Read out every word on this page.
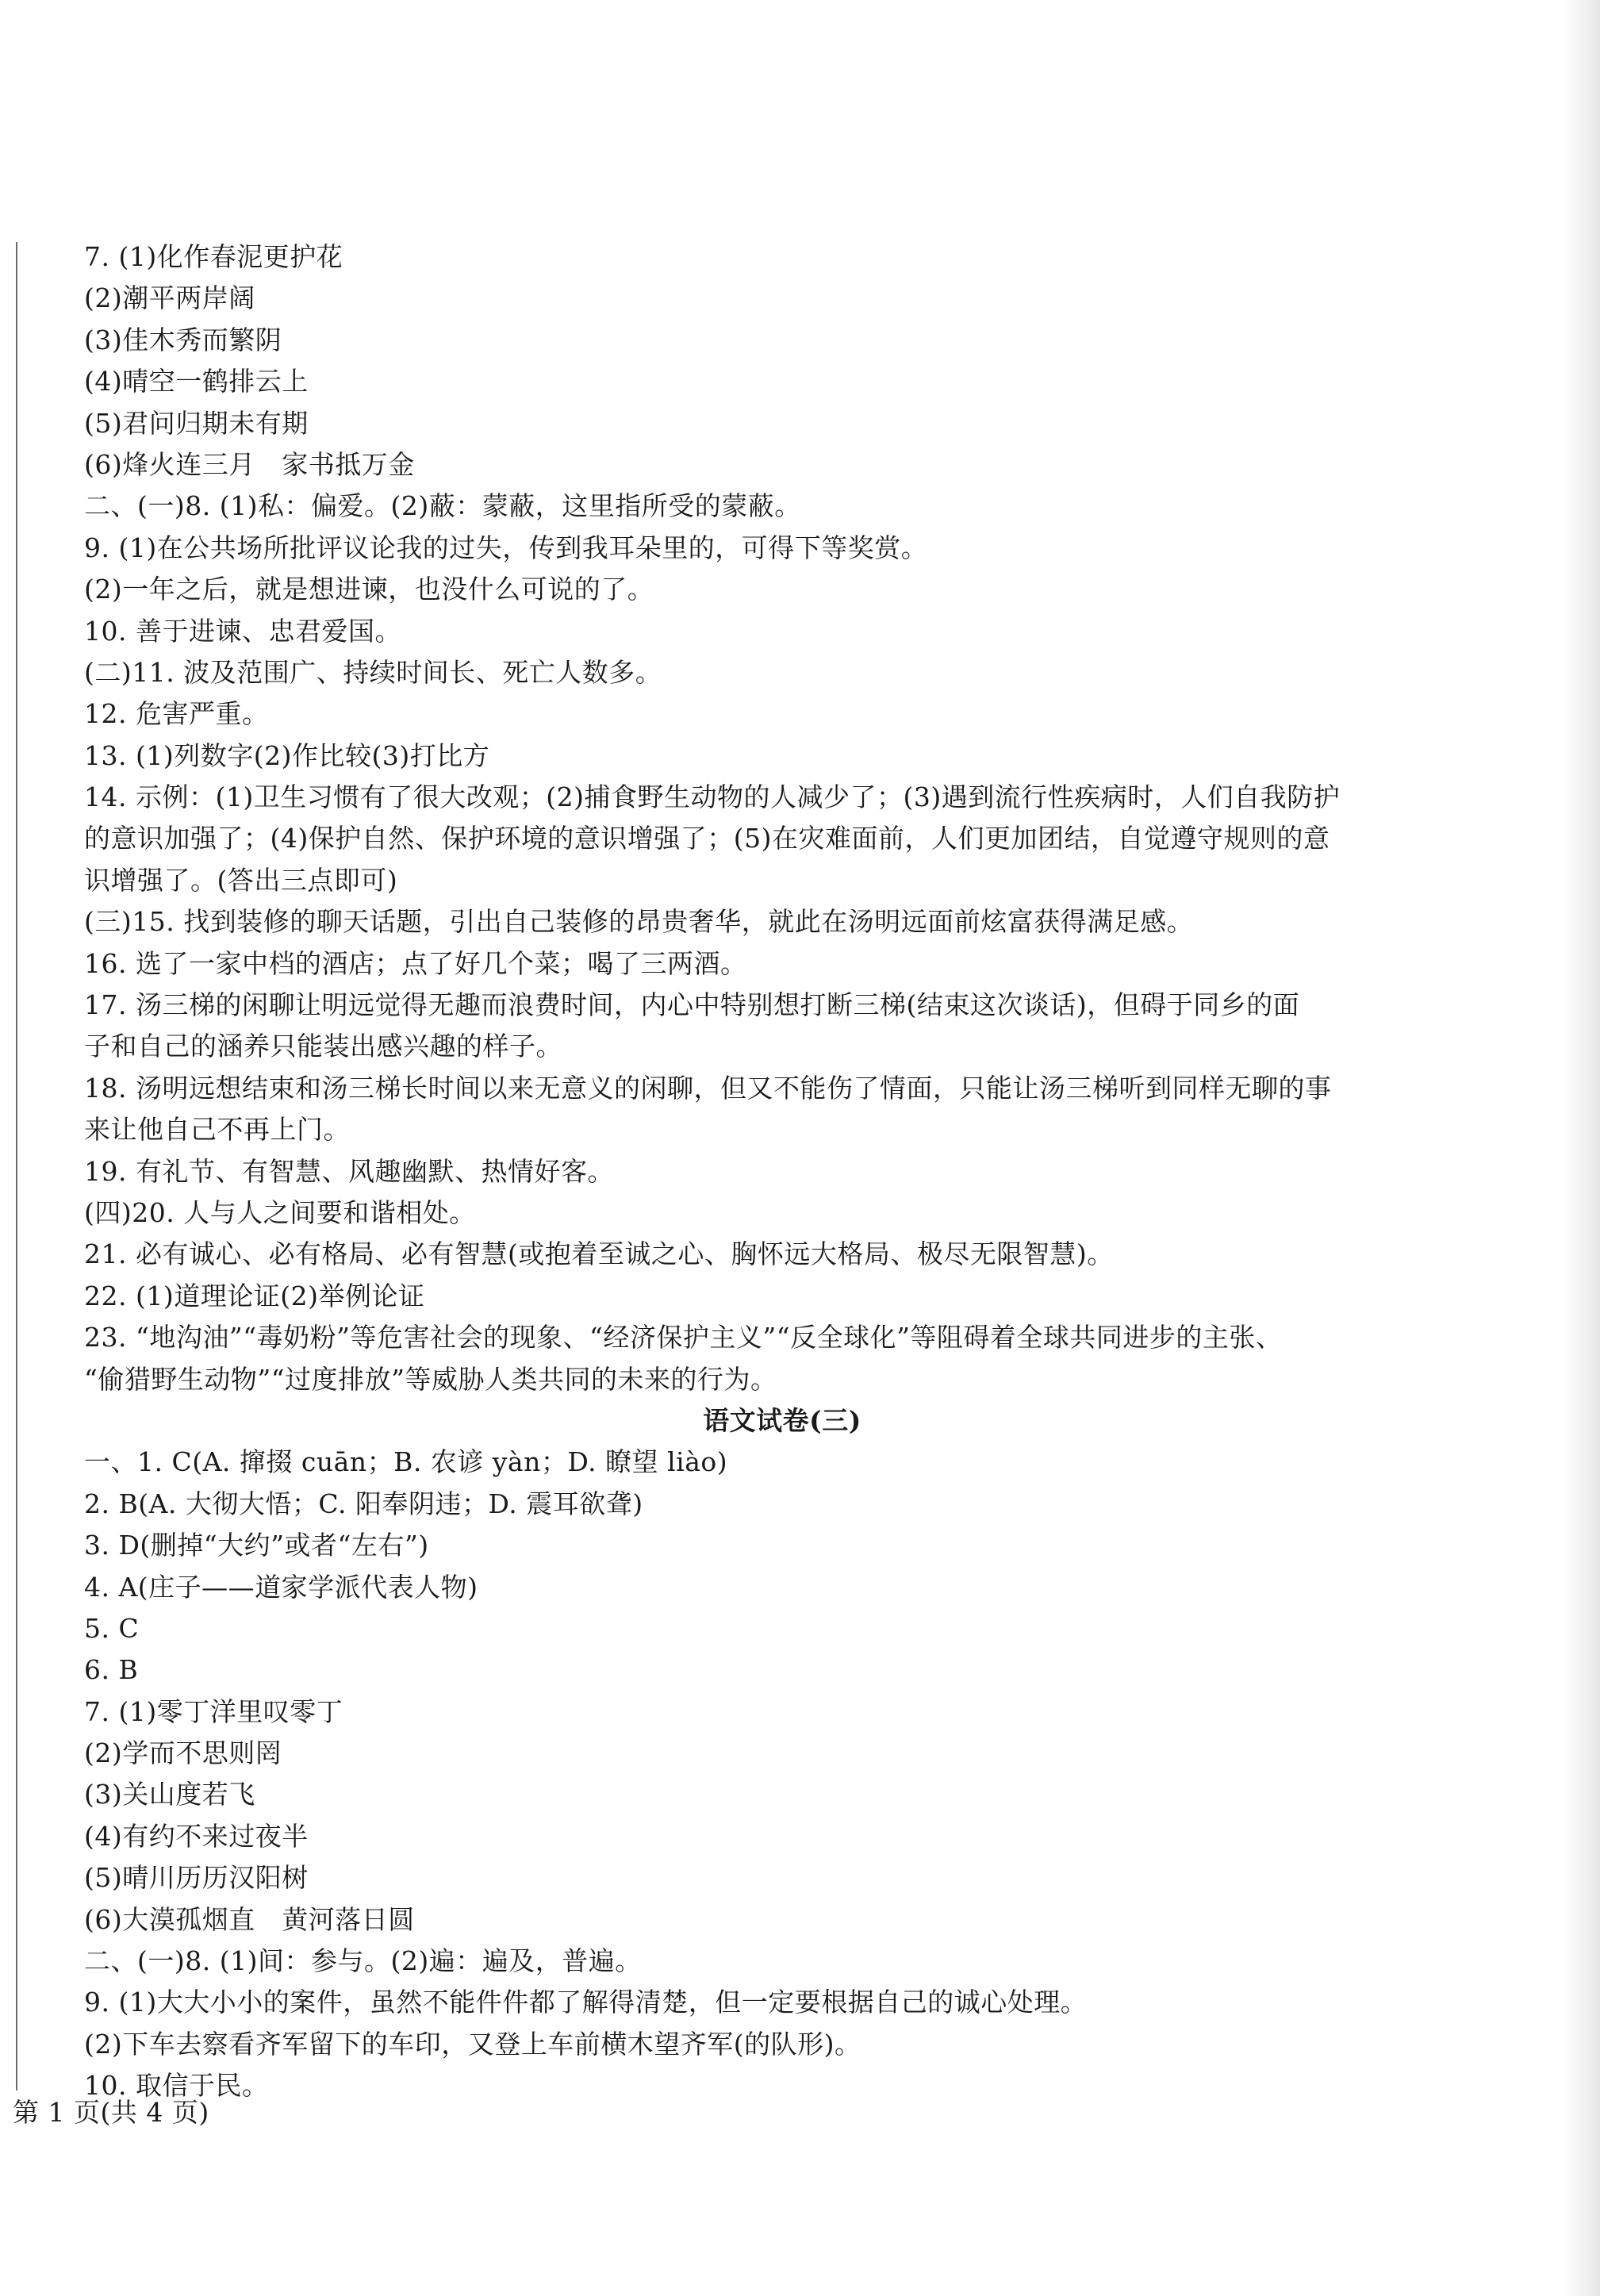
7. (1)化作春泥更护花
(2)潮平两岸阔
(3)佳木秀而繁阴
(4)晴空一鹤排云上
(5)君问归期未有期
(6)烽火连三月　家书抵万金
二、(一)8. (1)私：偏爱。(2)蔽：蒙蔽，这里指所受的蒙蔽。
9. (1)在公共场所批评议论我的过失，传到我耳朵里的，可得下等奖赏。
(2)一年之后，就是想进谏，也没什么可说的了。
10. 善于进谏、忠君爱国。
(二)11. 波及范围广、持续时间长、死亡人数多。
12. 危害严重。
13. (1)列数字(2)作比较(3)打比方
14. 示例：(1)卫生习惯有了很大改观；(2)捕食野生动物的人减少了；(3)遇到流行性疾病时，人们自我防护
的意识加强了；(4)保护自然、保护环境的意识增强了；(5)在灾难面前，人们更加团结，自觉遵守规则的意
识增强了。(答出三点即可)
(三)15. 找到装修的聊天话题，引出自己装修的昂贵奢华，就此在汤明远面前炫富获得满足感。
16. 选了一家中档的酒店；点了好几个菜；喝了三两酒。
17. 汤三梯的闲聊让明远觉得无趣而浪费时间，内心中特别想打断三梯(结束这次谈话)，但碍于同乡的面
子和自己的涵养只能装出感兴趣的样子。
18. 汤明远想结束和汤三梯长时间以来无意义的闲聊，但又不能伤了情面，只能让汤三梯听到同样无聊的事
来让他自己不再上门。
19. 有礼节、有智慧、风趣幽默、热情好客。
(四)20. 人与人之间要和谐相处。
21. 必有诚心、必有格局、必有智慧(或抱着至诚之心、胸怀远大格局、极尽无限智慧)。
22. (1)道理论证(2)举例论证
23. “地沟油”“毒奶粉”等危害社会的现象、“经济保护主义”“反全球化”等阻碍着全球共同进步的主张、
“偷猎野生动物”“过度排放”等威胁人类共同的未来的行为。
语文试卷(三)
一、1. C(A. 撺掇 cuān；B. 农谚 yàn；D. 瞭望 liào)
2. B(A. 大彻大悟；C. 阳奉阴违；D. 震耳欲聋)
3. D(删掉“大约”或者“左右”)
4. A(庄子——道家学派代表人物)
5. C
6. B
7. (1)零丁洋里叹零丁
(2)学而不思则罔
(3)关山度若飞
(4)有约不来过夜半
(5)晴川历历汉阳树
(6)大漠孤烟直　黄河落日圆
二、(一)8. (1)间：参与。(2)遍：遍及，普遍。
9. (1)大大小小的案件，虽然不能件件都了解得清楚，但一定要根据自己的诚心处理。
(2)下车去察看齐军留下的车印，又登上车前横木望齐军(的队形)。
10. 取信于民。
第 1 页(共 4 页)
